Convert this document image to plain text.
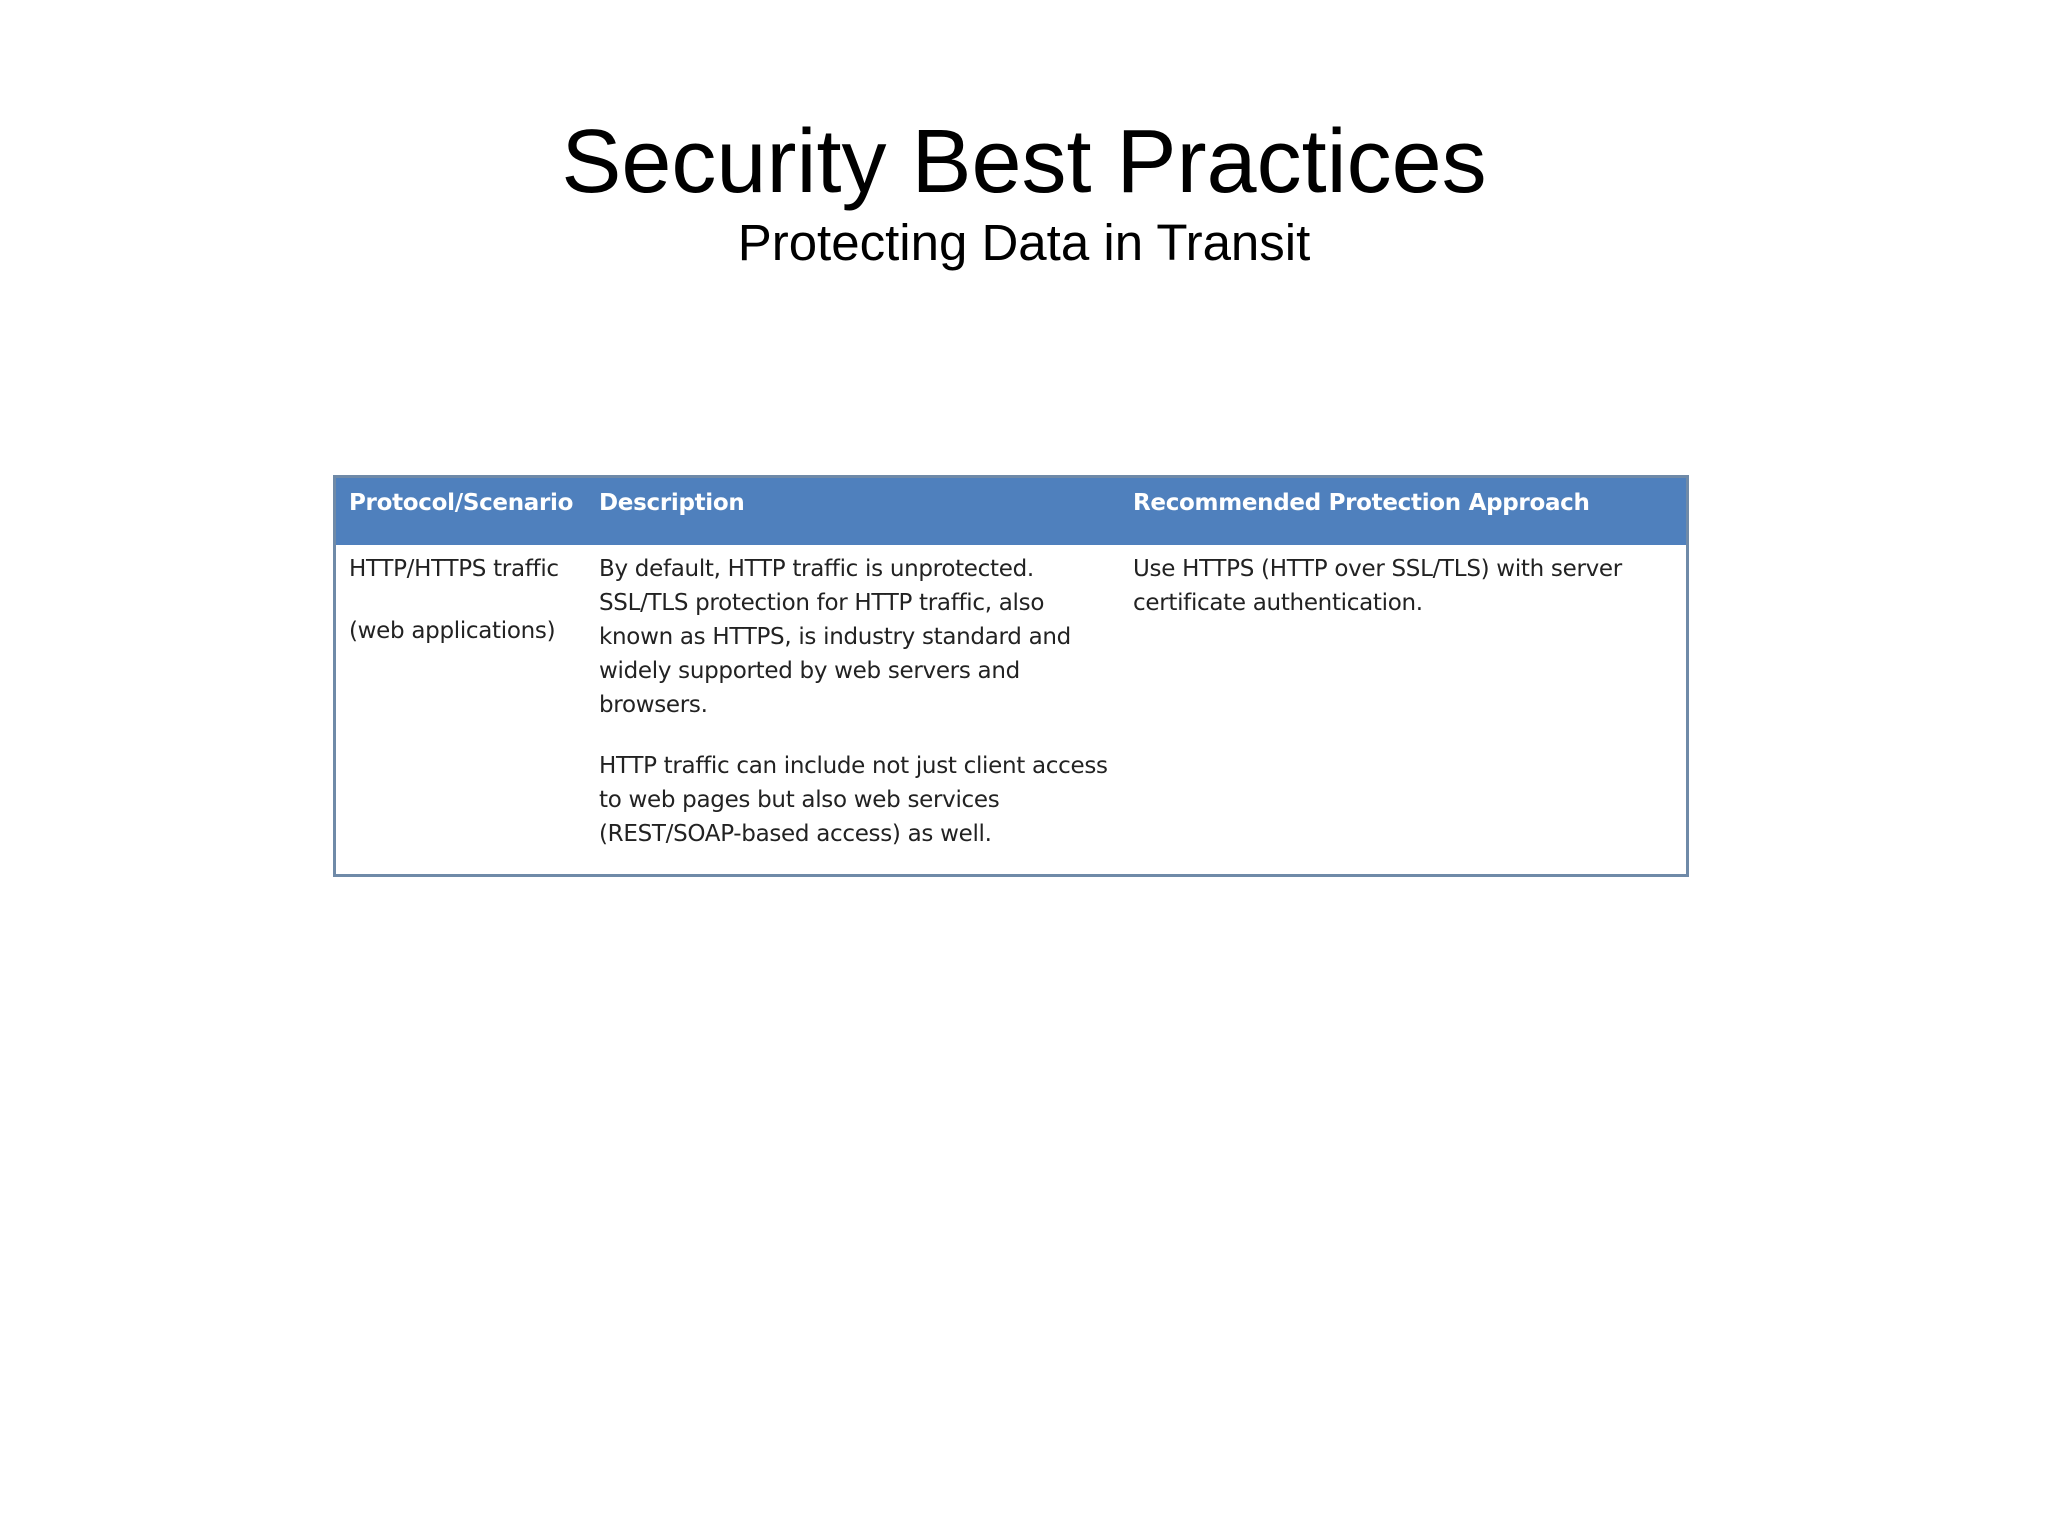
Security Best Practices

Protecting Data in Transit

Protocol/Scenario Description	Recommended Protection Approach
HTTP/HTTPS traffic
(web applications)
By default, HTTP traffic is unprotected.
SSL/TLS protection for HTTP traffic, also
known as HTTPS, is industry standard and
widely supported by web servers and
browsers.
HTTP traffic can include not just client access
to web pages but also web services
(REST/SOAP-based access) as well.
Use HTTPS (HTTP over SSL/TLS) with server
certificate authentication.
